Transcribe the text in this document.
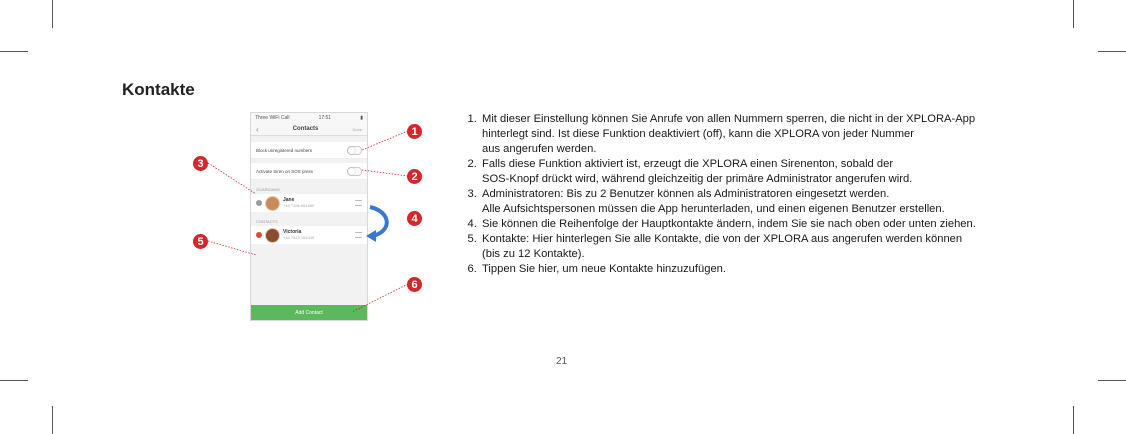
Kontakte
Three WiFi Call	17:51	▮
‹	Contacts	Done
Block unregistered numbers
Activate Siren on SOS press
GUARDIANS
Jane
+44 7456 861980
CONTACTS
Victoria
+44 7543 164345
Add Contact
1
2
3
4
5
6
1. Mit dieser Einstellung können Sie Anrufe von allen Nummern sperren, die nicht in der XPLORA-App
hinterlegt sind. Ist diese Funktion deaktiviert (off), kann die XPLORA von jeder Nummer
aus angerufen werden.
2. Falls diese Funktion aktiviert ist, erzeugt die XPLORA einen Sirenenton, sobald der
SOS-Knopf drückt wird, während gleichzeitig der primäre Administrator angerufen wird.
3. Administratoren: Bis zu 2 Benutzer können als Administratoren eingesetzt werden.
Alle Aufsichtspersonen müssen die App herunterladen, und einen eigenen Benutzer erstellen.
4. Sie können die Reihenfolge der Hauptkontakte ändern, indem Sie sie nach oben oder unten ziehen.
5. Kontakte: Hier hinterlegen Sie alle Kontakte, die von der XPLORA aus angerufen werden können
(bis zu 12 Kontakte).
6. Tippen Sie hier, um neue Kontakte hinzuzufügen.
21
